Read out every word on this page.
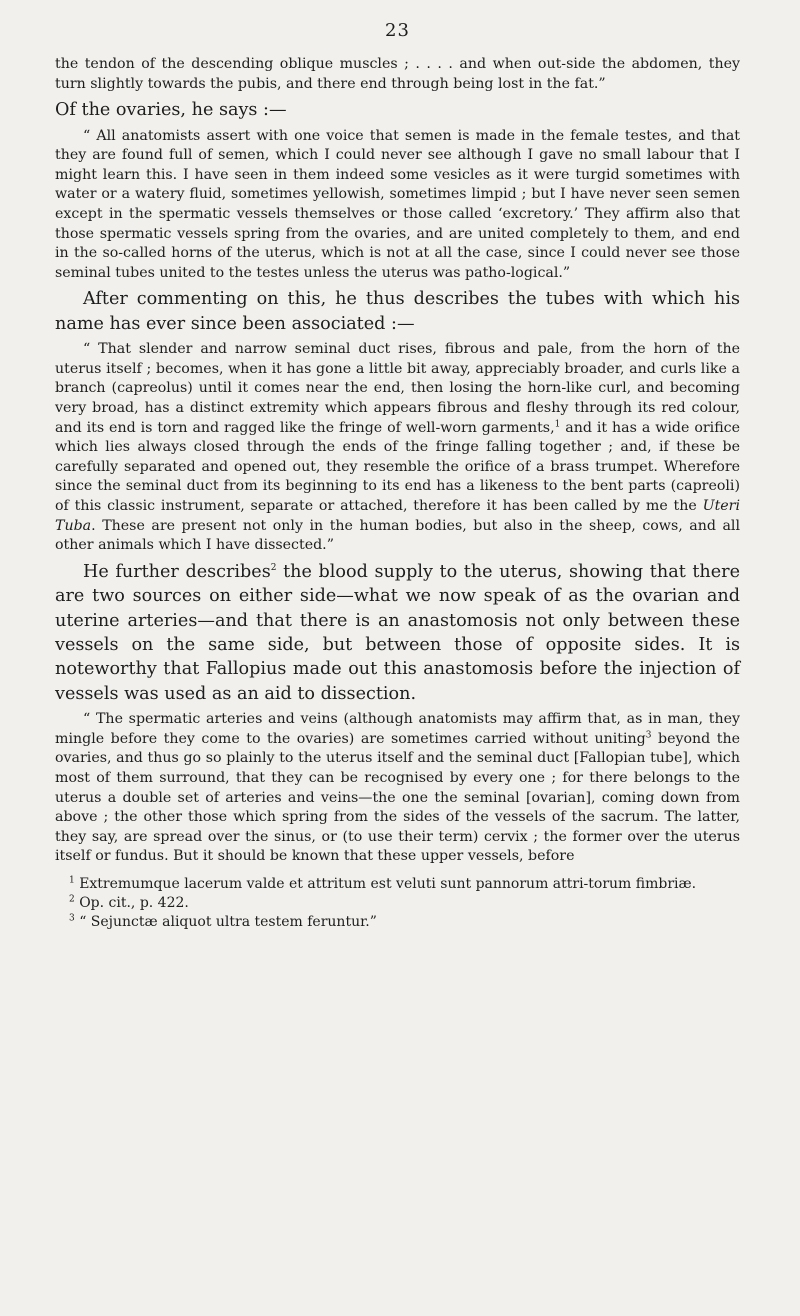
23

the tendon of the descending oblique muscles ; . . . . and when out-side the abdomen, they turn slightly towards the pubis, and there end through being lost in the fat.”

Of the ovaries, he says :—

“ All anatomists assert with one voice that semen is made in the female testes, and that they are found full of semen, which I could never see although I gave no small labour that I might learn this. I have seen in them indeed some vesicles as it were turgid sometimes with water or a watery fluid, sometimes yellowish, sometimes limpid ; but I have never seen semen except in the spermatic vessels themselves or those called ‘excretory.’ They affirm also that those spermatic vessels spring from the ovaries, and are united completely to them, and end in the so-called horns of the uterus, which is not at all the case, since I could never see those seminal tubes united to the testes unless the uterus was patho-logical.”

After commenting on this, he thus describes the tubes with which his name has ever since been associated :—

“ That slender and narrow seminal duct rises, fibrous and pale, from the horn of the uterus itself ; becomes, when it has gone a little bit away, appreciably broader, and curls like a branch (capreolus) until it comes near the end, then losing the horn-like curl, and becoming very broad, has a distinct extremity which appears fibrous and fleshy through its red colour, and its end is torn and ragged like the fringe of well-worn garments,$^1$ and it has a wide orifice which lies always closed through the ends of the fringe falling together ; and, if these be carefully separated and opened out, they resemble the orifice of a brass trumpet. Wherefore since the seminal duct from its beginning to its end has a likeness to the bent parts (capreoli) of this classic instrument, separate or attached, therefore it has been called by me the Uteri Tuba. These are present not only in the human bodies, but also in the sheep, cows, and all other animals which I have dissected.”

He further describes$^2$ the blood supply to the uterus, showing that there are two sources on either side—what we now speak of as the ovarian and uterine arteries—and that there is an anastomosis not only between these vessels on the same side, but between those of opposite sides. It is noteworthy that Fallopius made out this anastomosis before the injection of vessels was used as an aid to dissection.

“ The spermatic arteries and veins (although anatomists may affirm that, as in man, they mingle before they come to the ovaries) are sometimes carried without uniting$^3$ beyond the ovaries, and thus go so plainly to the uterus itself and the seminal duct [Fallopian tube], which most of them surround, that they can be recognised by every one ; for there belongs to the uterus a double set of arteries and veins—the one the seminal [ovarian], coming down from above ; the other those which spring from the sides of the vessels of the sacrum. The latter, they say, are spread over the sinus, or (to use their term) cervix ; the former over the uterus itself or fundus. But it should be known that these upper vessels, before

$^1$ Extremumque lacerum valde et attritum est veluti sunt pannorum attri-torum fimbriæ.

$^2$ Op. cit., p. 422.

$^3$ “ Sejunctæ aliquot ultra testem feruntur.”
